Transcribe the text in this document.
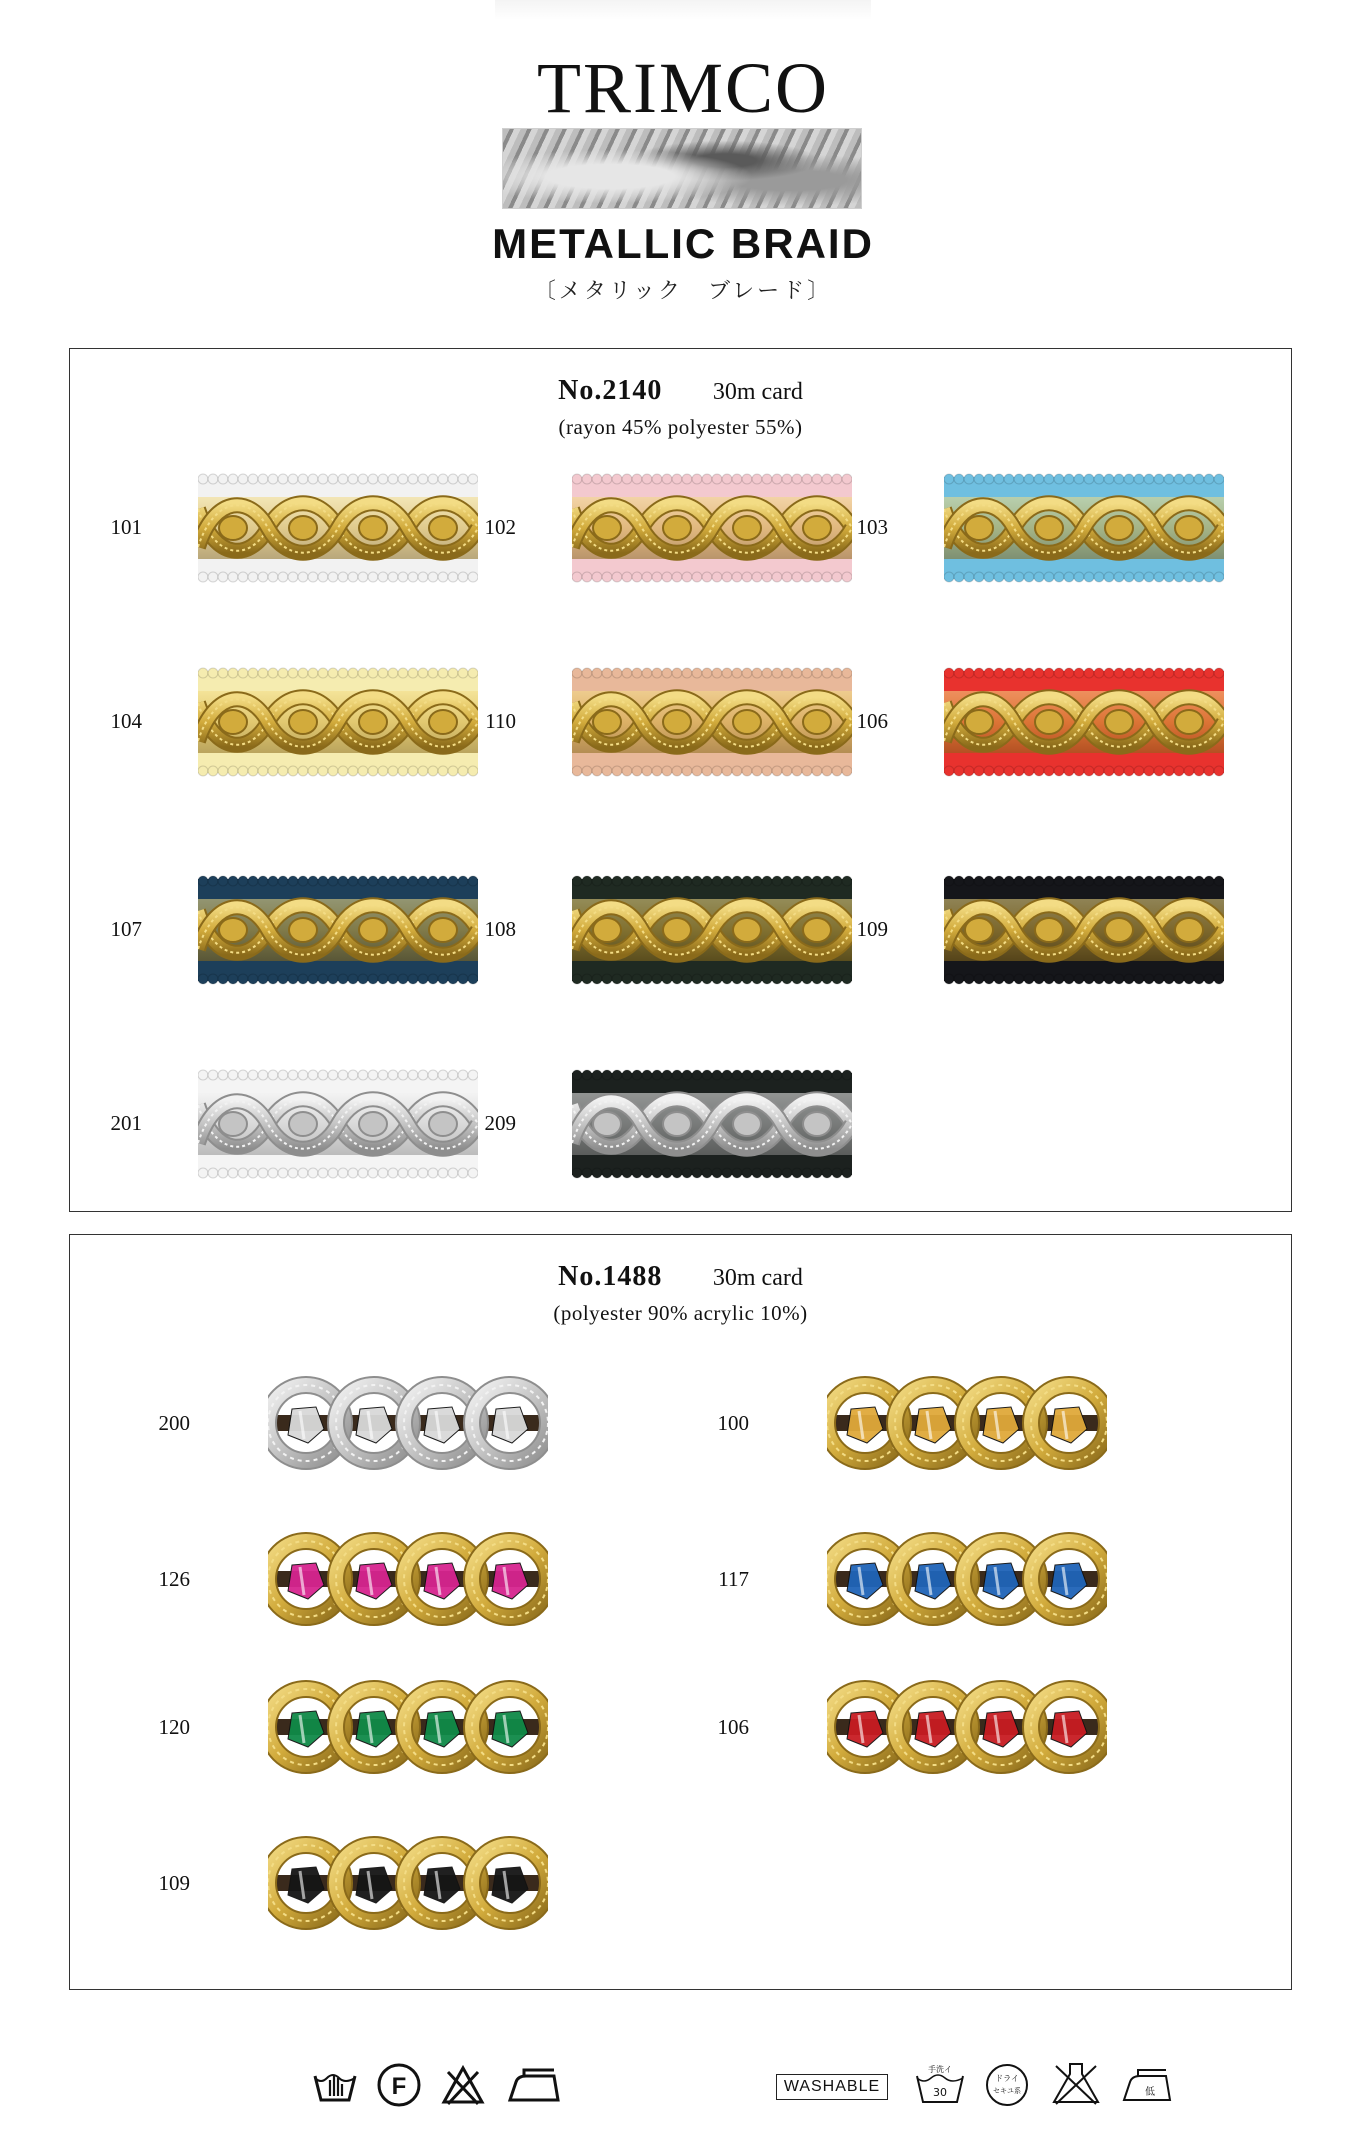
TRIMCO
METALLIC BRAID
〔メタリック　ブレード〕
No.2140 30m card
(rayon 45% polyester 55%)
101	102	103
104	110	106
107	108	109
201	209
No.1488 30m card
(polyester 90% acrylic 10%)
200	100
126	117
120	106
109
F	WASHABLE
手洗イ
30
ドライ
セキユ系	低
